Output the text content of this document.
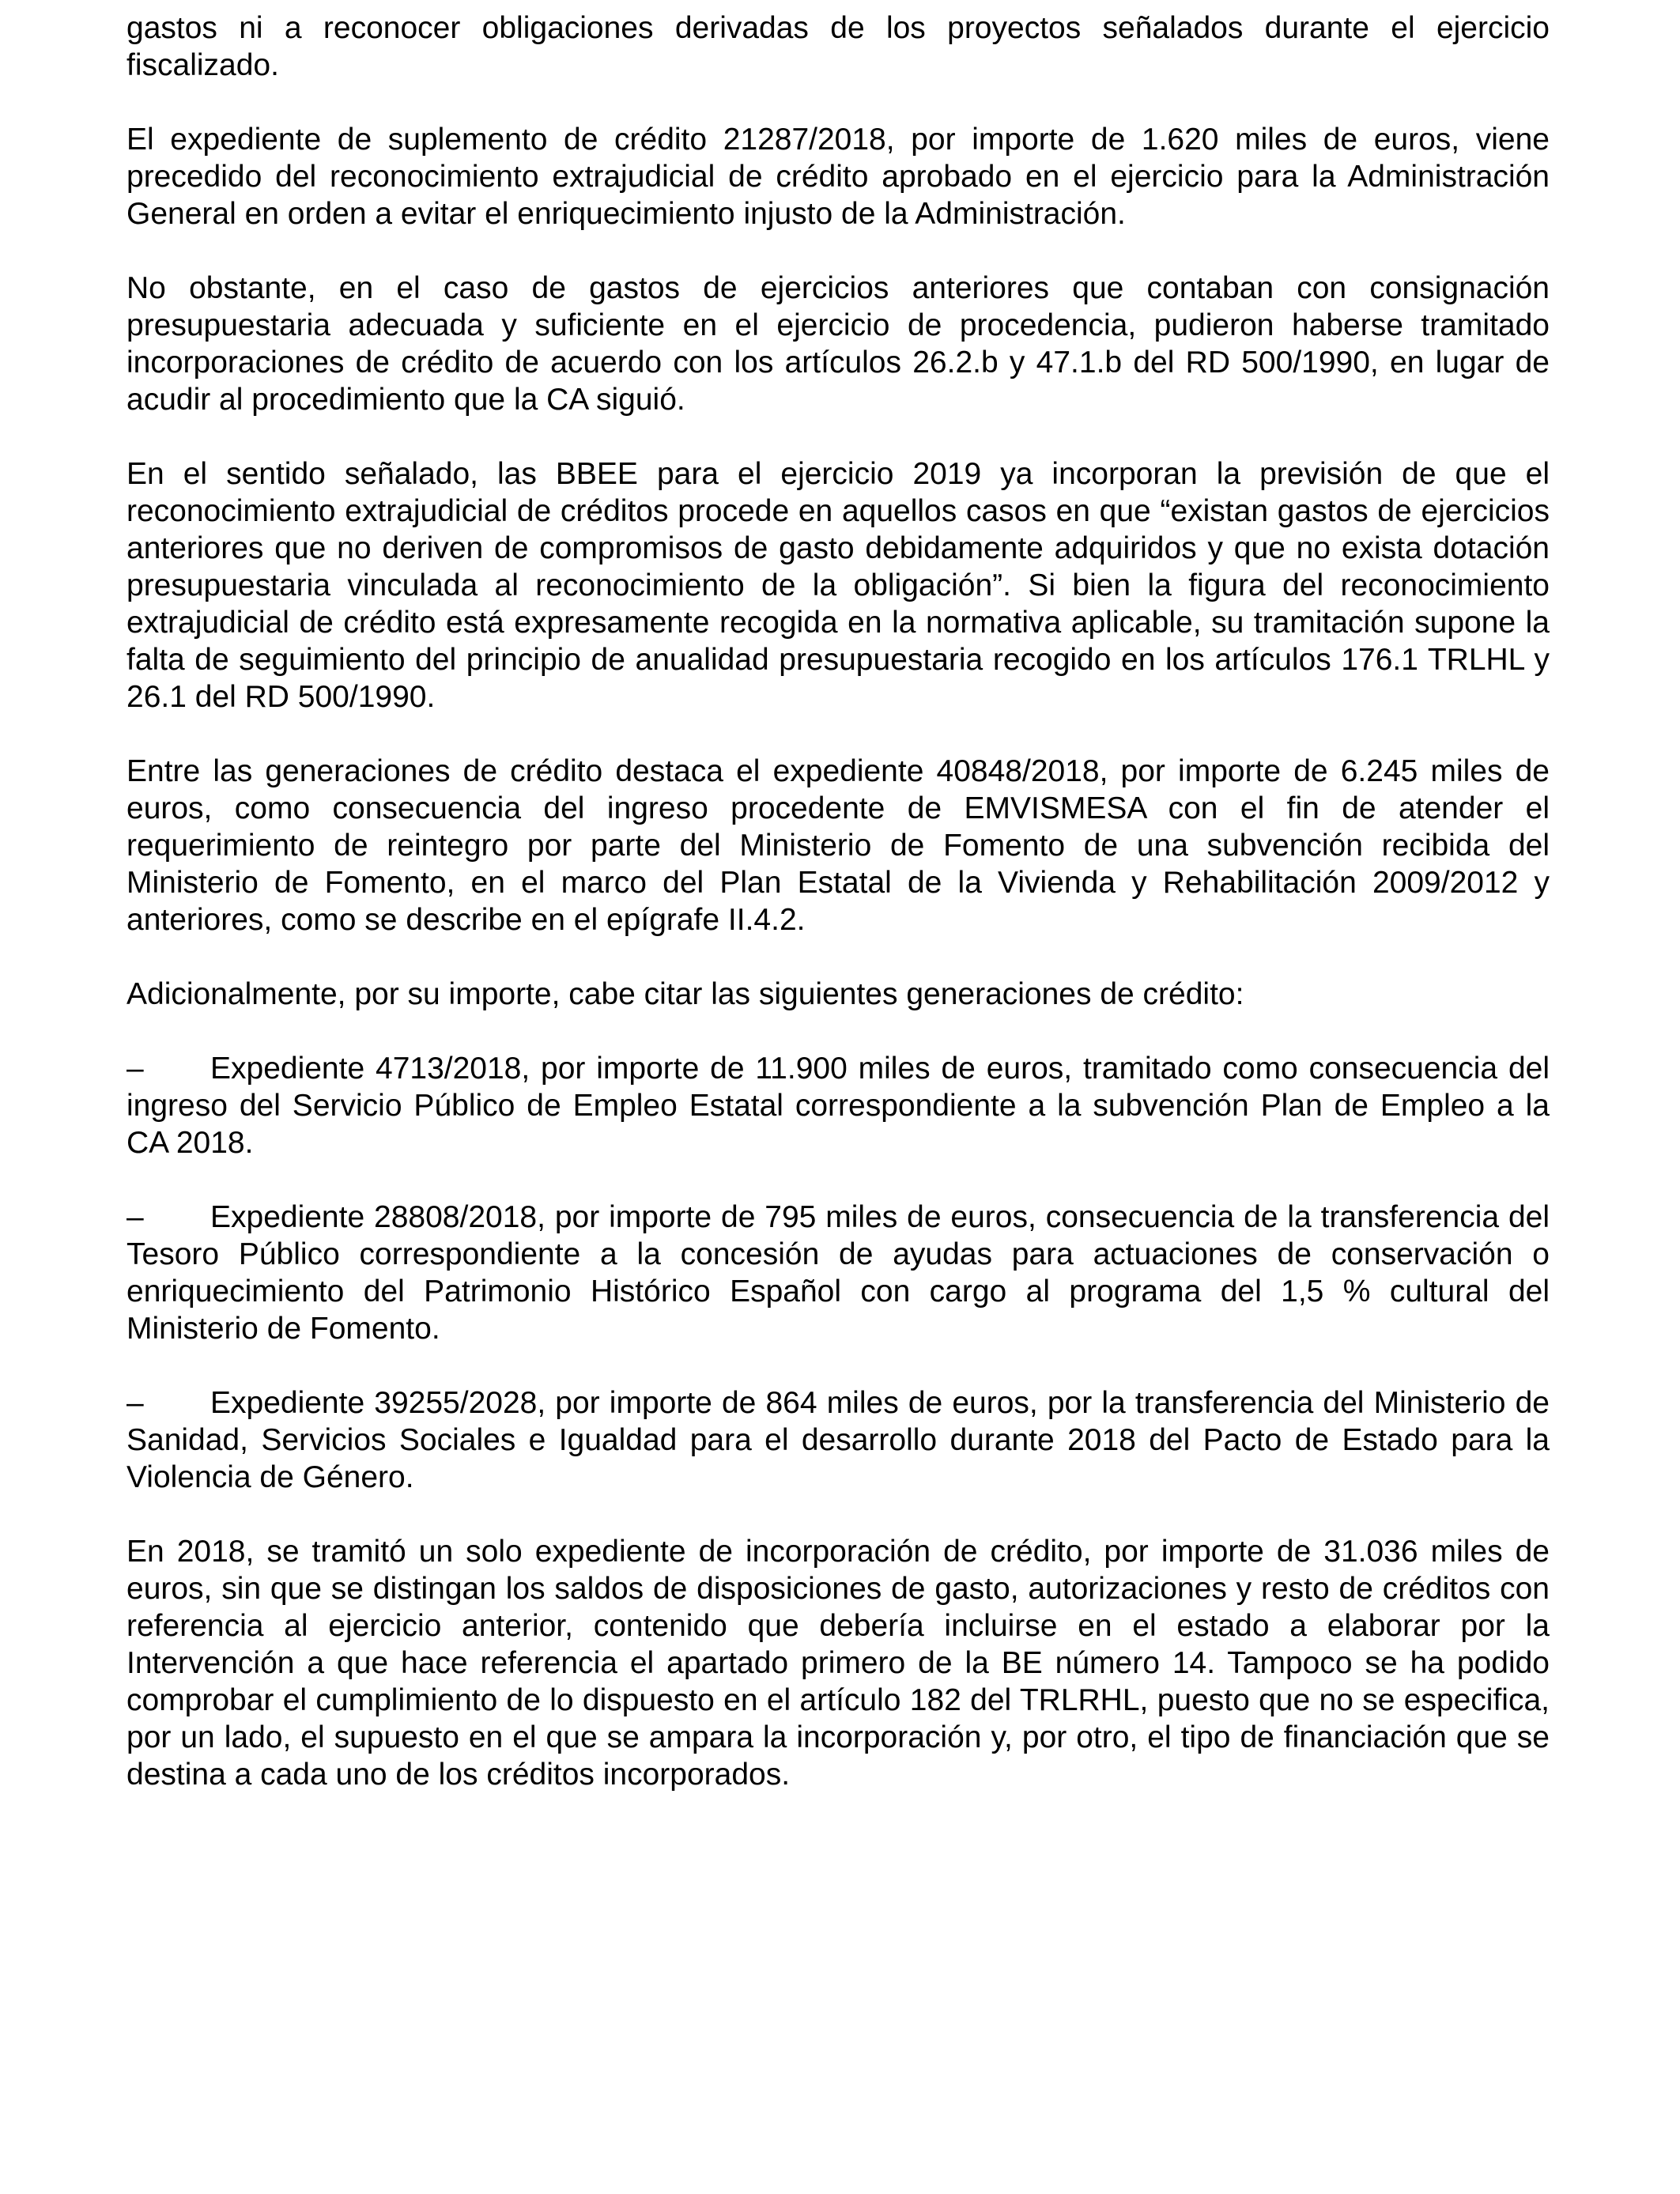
gastos ni a reconocer obligaciones derivadas de los proyectos señalados durante el ejercicio fiscalizado.

El expediente de suplemento de crédito 21287/2018, por importe de 1.620 miles de euros, viene precedido del reconocimiento extrajudicial de crédito aprobado en el ejercicio para la Administración General en orden a evitar el enriquecimiento injusto de la Administración.

No obstante, en el caso de gastos de ejercicios anteriores que contaban con consignación presupuestaria adecuada y suficiente en el ejercicio de procedencia, pudieron haberse tramitado incorporaciones de crédito de acuerdo con los artículos 26.2.b y 47.1.b del RD 500/1990, en lugar de acudir al procedimiento que la CA siguió.

En el sentido señalado, las BBEE para el ejercicio 2019 ya incorporan la previsión de que el reconocimiento extrajudicial de créditos procede en aquellos casos en que “existan gastos de ejercicios anteriores que no deriven de compromisos de gasto debidamente adquiridos y que no exista dotación presupuestaria vinculada al reconocimiento de la obligación”. Si bien la figura del reconocimiento extrajudicial de crédito está expresamente recogida en la normativa aplicable, su tramitación supone la falta de seguimiento del principio de anualidad presupuestaria recogido en los artículos 176.1 TRLHL y 26.1 del RD 500/1990.

Entre las generaciones de crédito destaca el expediente 40848/2018, por importe de 6.245 miles de euros, como consecuencia del ingreso procedente de EMVISMESA con el fin de atender el requerimiento de reintegro por parte del Ministerio de Fomento de una subvención recibida del Ministerio de Fomento, en el marco del Plan Estatal de la Vivienda y Rehabilitación 2009/2012 y anteriores, como se describe en el epígrafe II.4.2.

Adicionalmente, por su importe, cabe citar las siguientes generaciones de crédito:

– Expediente 4713/2018, por importe de 11.900 miles de euros, tramitado como consecuencia del ingreso del Servicio Público de Empleo Estatal correspondiente a la subvención Plan de Empleo a la CA 2018.
– Expediente 28808/2018, por importe de 795 miles de euros, consecuencia de la transferencia del Tesoro Público correspondiente a la concesión de ayudas para actuaciones de conservación o enriquecimiento del Patrimonio Histórico Español con cargo al programa del 1,5 % cultural del Ministerio de Fomento.
– Expediente 39255/2028, por importe de 864 miles de euros, por la transferencia del Ministerio de Sanidad, Servicios Sociales e Igualdad para el desarrollo durante 2018 del Pacto de Estado para la Violencia de Género.

En 2018, se tramitó un solo expediente de incorporación de crédito, por importe de 31.036 miles de euros, sin que se distingan los saldos de disposiciones de gasto, autorizaciones y resto de créditos con referencia al ejercicio anterior, contenido que debería incluirse en el estado a elaborar por la Intervención a que hace referencia el apartado primero de la BE número 14. Tampoco se ha podido comprobar el cumplimiento de lo dispuesto en el artículo 182 del TRLRHL, puesto que no se especifica, por un lado, el supuesto en el que se ampara la incorporación y, por otro, el tipo de financiación que se destina a cada uno de los créditos incorporados.
